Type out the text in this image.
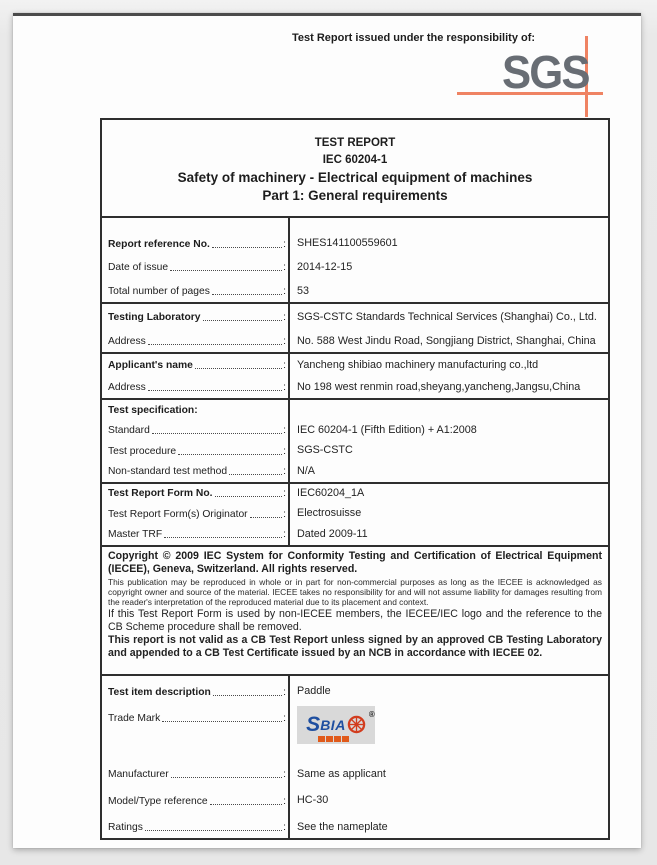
Test Report issued under the responsibility of:
SGS
TEST REPORT
IEC 60204-1
Safety of machinery - Electrical equipment of machines
Part 1: General requirements
Report reference No.	: SHES141100559601
Date of issue	: 2014-12-15
Total number of pages	: 53
Testing Laboratory	: SGS-CSTC Standards Technical Services (Shanghai) Co., Ltd.
Address	: No. 588 West Jindu Road, Songjiang District, Shanghai, China
Applicant's name	: Yancheng shibiao machinery manufacturing co.,ltd
Address	: No 198 west renmin road,sheyang,yancheng,Jangsu,China
Test specification:
Standard	: IEC 60204-1 (Fifth Edition) + A1:2008
Test procedure	: SGS-CSTC
Non-standard test method	: N/A
Test Report Form No.	: IEC60204_1A
Test Report Form(s) Originator	: Electrosuisse
Master TRF	: Dated 2009-11
Copyright © 2009 IEC System for Conformity Testing and Certification of Electrical Equipment (IECEE), Geneva, Switzerland. All rights reserved.
This publication may be reproduced in whole or in part for non-commercial purposes as long as the IECEE is acknowledged as copyright owner and source of the material. IECEE takes no responsibility for and will not assume liability for damages resulting from the reader's interpretation of the reproduced material due to its placement and context.
If this Test Report Form is used by non-IECEE members, the IECEE/IEC logo and the reference to the CB Scheme procedure shall be removed.
This report is not valid as a CB Test Report unless signed by an approved CB Testing Laboratory and appended to a CB Test Certificate issued by an NCB in accordance with IECEE 02.
Test item description	: Paddle
Trade Mark	: S BIA
®
Manufacturer	: Same as applicant
Model/Type reference	: HC-30
Ratings	: See the nameplate
